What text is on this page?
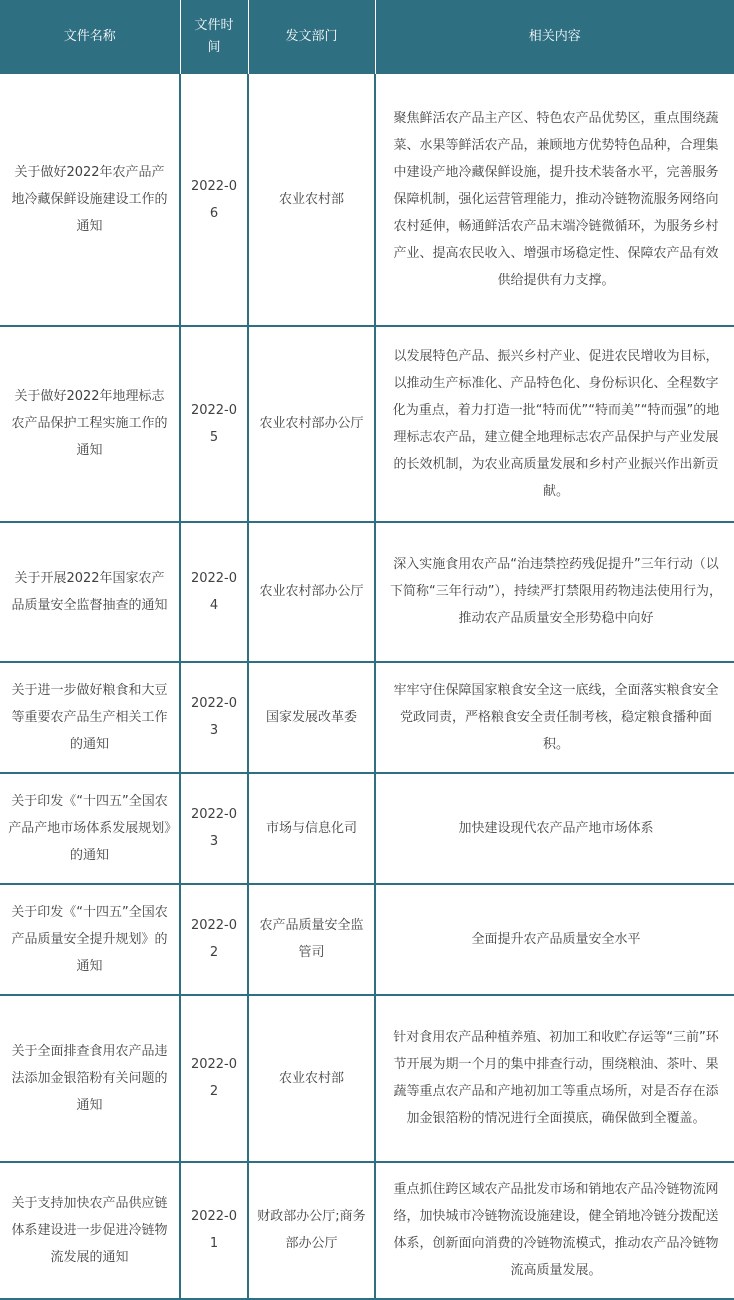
文件名称	文件时间	发文部门	相关内容
关于做好2022年农产品产地冷藏保鲜设施建设工作的通知	2022-06	农业农村部	聚焦鲜活农产品主产区、特色农产品优势区，重点围绕蔬菜、水果等鲜活农产品，兼顾地方优势特色品种，合理集中建设产地冷藏保鲜设施，提升技术装备水平，完善服务保障机制，强化运营管理能力，推动冷链物流服务网络向农村延伸，畅通鲜活农产品末端冷链微循环，为服务乡村产业、提高农民收入、增强市场稳定性、保障农产品有效供给提供有力支撑。
关于做好2022年地理标志农产品保护工程实施工作的通知	2022-05	农业农村部办公厅	以发展特色产品、振兴乡村产业、促进农民增收为目标，以推动生产标准化、产品特色化、身份标识化、全程数字化为重点，着力打造一批“特而优”“特而美”“特而强”的地理标志农产品，建立健全地理标志农产品保护与产业发展的长效机制，为农业高质量发展和乡村产业振兴作出新贡献。
关于开展2022年国家农产品质量安全监督抽查的通知	2022-04	农业农村部办公厅	深入实施食用农产品“治违禁控药残促提升”三年行动（以下简称“三年行动”），持续严打禁限用药物违法使用行为，推动农产品质量安全形势稳中向好
关于进一步做好粮食和大豆等重要农产品生产相关工作的通知	2022-03	国家发展改革委	牢牢守住保障国家粮食安全这一底线，全面落实粮食安全党政同责，严格粮食安全责任制考核，稳定粮食播种面积。
关于印发《“十四五”全国农产品产地市场体系发展规划》的通知	2022-03	市场与信息化司	加快建设现代农产品产地市场体系
关于印发《“十四五”全国农产品质量安全提升规划》的通知	2022-02	农产品质量安全监管司	全面提升农产品质量安全水平
关于全面排查食用农产品违法添加金银箔粉有关问题的通知	2022-02	农业农村部	针对食用农产品种植养殖、初加工和收贮存运等“三前”环节开展为期一个月的集中排查行动，围绕粮油、茶叶、果蔬等重点农产品和产地初加工等重点场所，对是否存在添加金银箔粉的情况进行全面摸底，确保做到全覆盖。
关于支持加快农产品供应链体系建设进一步促进冷链物流发展的通知	2022-01	财政部办公厅;商务部办公厅	重点抓住跨区域农产品批发市场和销地农产品冷链物流网络，加快城市冷链物流设施建设，健全销地冷链分拨配送体系，创新面向消费的冷链物流模式，推动农产品冷链物流高质量发展。
